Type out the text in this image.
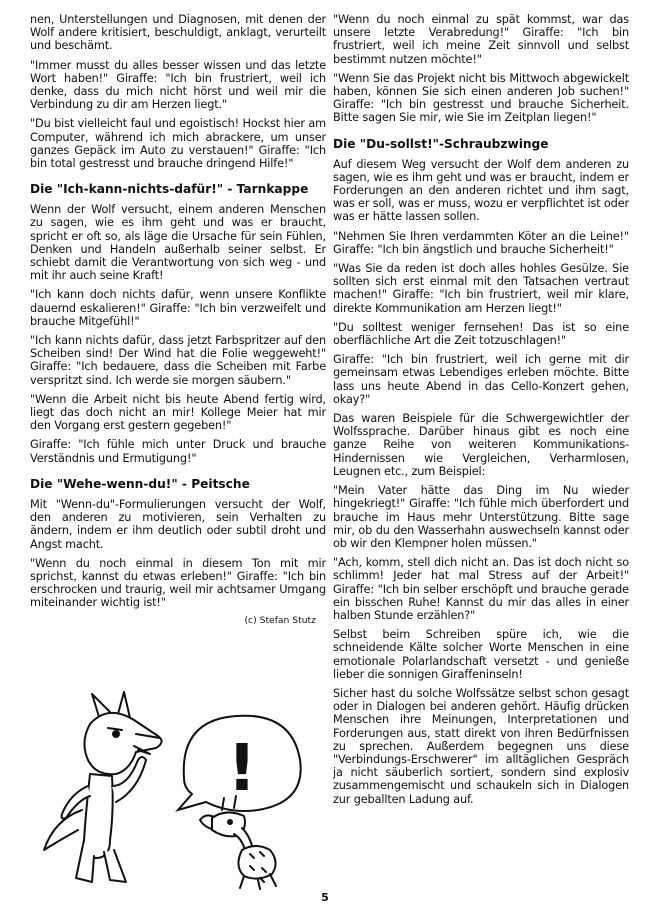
nen, Unterstellungen und Diagnosen, mit denen der Wolf andere kritisiert, beschuldigt, anklagt, verurteilt und beschämt.

"Immer musst du alles besser wissen und das letzte Wort haben!" Giraffe: "Ich bin frustriert, weil ich denke, dass du mich nicht hörst und weil mir die Verbindung zu dir am Herzen liegt."

"Du bist vielleicht faul und egoistisch! Hockst hier am Computer, während ich mich abrackere, um unser ganzes Gepäck im Auto zu verstauen!" Giraffe: "Ich bin total gestresst und brauche dringend Hilfe!"

Die "Ich-kann-nichts-dafür!" - Tarnkappe

Wenn der Wolf versucht, einem anderen Menschen zu sagen, wie es ihm geht und was er braucht, spricht er oft so, als läge die Ursache für sein Fühlen, Denken und Handeln außerhalb seiner selbst. Er schiebt damit die Verantwortung von sich weg - und mit ihr auch seine Kraft!

"Ich kann doch nichts dafür, wenn unsere Konflikte dauernd eskalieren!" Giraffe: "Ich bin verzweifelt und brauche Mitgefühl!"

"Ich kann nichts dafür, dass jetzt Farbspritzer auf den Scheiben sind! Der Wind hat die Folie weggeweht!" Giraffe: "Ich bedauere, dass die Scheiben mit Farbe verspritzt sind. Ich werde sie morgen säubern."

"Wenn die Arbeit nicht bis heute Abend fertig wird, liegt das doch nicht an mir! Kollege Meier hat mir den Vorgang erst gestern gegeben!"

Giraffe: "Ich fühle mich unter Druck und brauche Verständnis und Ermutigung!"

Die "Wehe-wenn-du!" - Peitsche

Mit "Wenn-du"-Formulierungen versucht der Wolf, den anderen zu motivieren, sein Verhalten zu ändern, indem er ihm deutlich oder subtil droht und Angst macht.

"Wenn du noch einmal in diesem Ton mit mir sprichst, kannst du etwas erleben!" Giraffe: "Ich bin erschrocken und traurig, weil mir achtsamer Umgang miteinander wichtig ist!"

(c) Stefan Stutz
!

"Wenn du noch einmal zu spät kommst, war das unsere letzte Verabredung!" Giraffe: "Ich bin frustriert, weil ich meine Zeit sinnvoll und selbst bestimmt nutzen möchte!"

"Wenn Sie das Projekt nicht bis Mittwoch abgewickelt haben, können Sie sich einen anderen Job suchen!" Giraffe: "Ich bin gestresst und brauche Sicherheit. Bitte sagen Sie mir, wie Sie im Zeitplan liegen!"

Die "Du-sollst!"-Schraubzwinge

Auf diesem Weg versucht der Wolf dem anderen zu sagen, wie es ihm geht und was er braucht, indem er Forderungen an den anderen richtet und ihm sagt, was er soll, was er muss, wozu er verpflichtet ist oder was er hätte lassen sollen.

"Nehmen Sie Ihren verdammten Köter an die Leine!" Giraffe: "Ich bin ängstlich und brauche Sicherheit!"

"Was Sie da reden ist doch alles hohles Gesülze. Sie sollten sich erst einmal mit den Tatsachen vertraut machen!" Giraffe: "Ich bin frustriert, weil mir klare, direkte Kommunikation am Herzen liegt!"

"Du solltest weniger fernsehen! Das ist so eine oberflächliche Art die Zeit totzuschlagen!"

Giraffe: "Ich bin frustriert, weil ich gerne mit dir gemeinsam etwas Lebendiges erleben möchte. Bitte lass uns heute Abend in das Cello-Konzert gehen, okay?"

Das waren Beispiele für die Schwergewichtler der Wolfssprache. Darüber hinaus gibt es noch eine ganze Reihe von weiteren Kommunikations-Hindernissen wie Vergleichen, Verharmlosen, Leugnen etc., zum Beispiel:

"Mein Vater hätte das Ding im Nu wieder hingekriegt!" Giraffe: "Ich fühle mich überfordert und brauche im Haus mehr Unterstützung. Bitte sage mir, ob du den Wasserhahn auswechseln kannst oder ob wir den Klempner holen müssen."

"Ach, komm, stell dich nicht an. Das ist doch nicht so schlimm! Jeder hat mal Stress auf der Arbeit!" Giraffe: "Ich bin selber erschöpft und brauche gerade ein bisschen Ruhe! Kannst du mir das alles in einer halben Stunde erzählen?"

Selbst beim Schreiben spüre ich, wie die schneidende Kälte solcher Worte Menschen in eine emotionale Polarlandschaft versetzt - und genieße lieber die sonnigen Giraffeninseln!

Sicher hast du solche Wolfssätze selbst schon gesagt oder in Dialogen bei anderen gehört. Häufig drücken Menschen ihre Meinungen, Interpretationen und Forderungen aus, statt direkt von ihren Bedürfnissen zu sprechen. Außerdem begegnen uns diese "Verbindungs-Erschwerer" im alltäglichen Gespräch ja nicht säuberlich sortiert, sondern sind explosiv zusammengemischt und schaukeln sich in Dialogen zur geballten Ladung auf.

5
